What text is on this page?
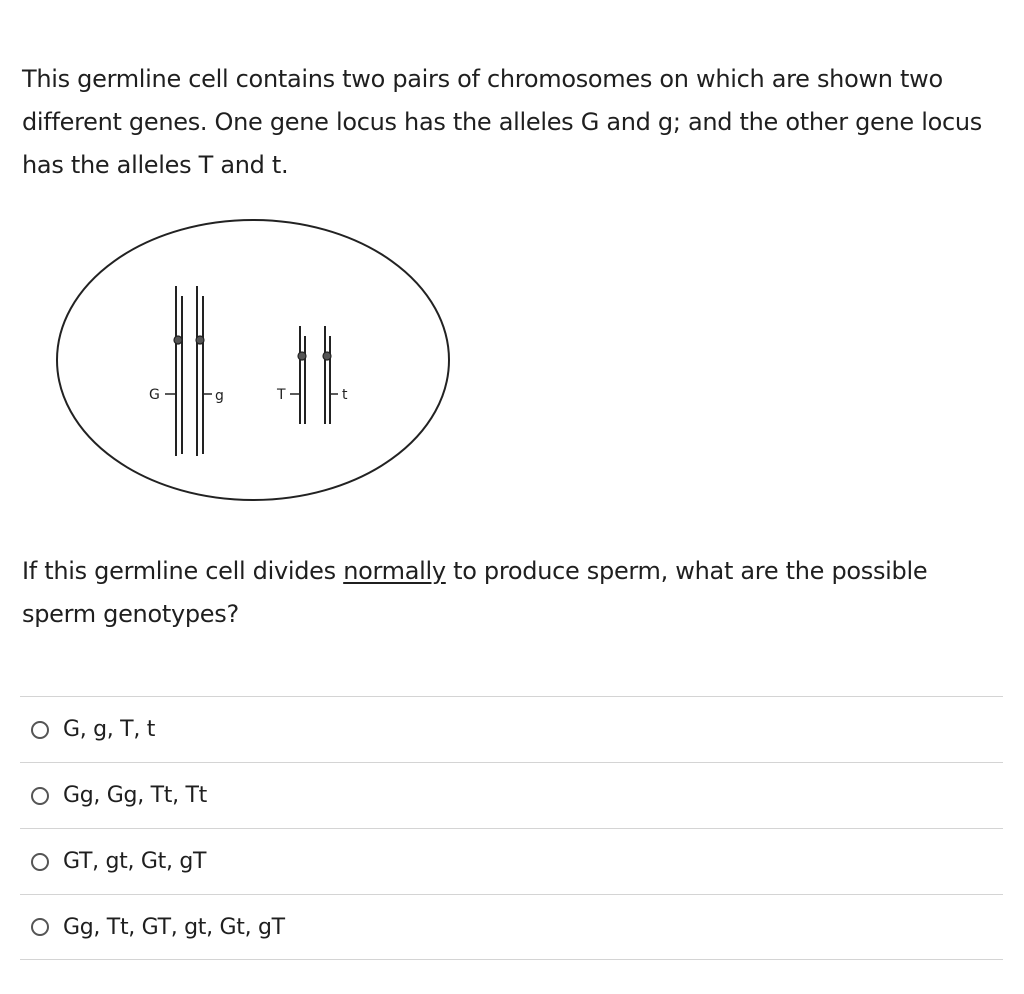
This germline cell contains two pairs of chromosomes on which are shown two different genes. One gene locus has the alleles G and g; and the other gene locus has the alleles T and t.

G	g	T	t

If this germline cell divides normally to produce sperm, what are the possible sperm genotypes?

G, g, T, t
Gg, Gg, Tt, Tt
GT, gt, Gt, gT
Gg, Tt, GT, gt, Gt, gT
